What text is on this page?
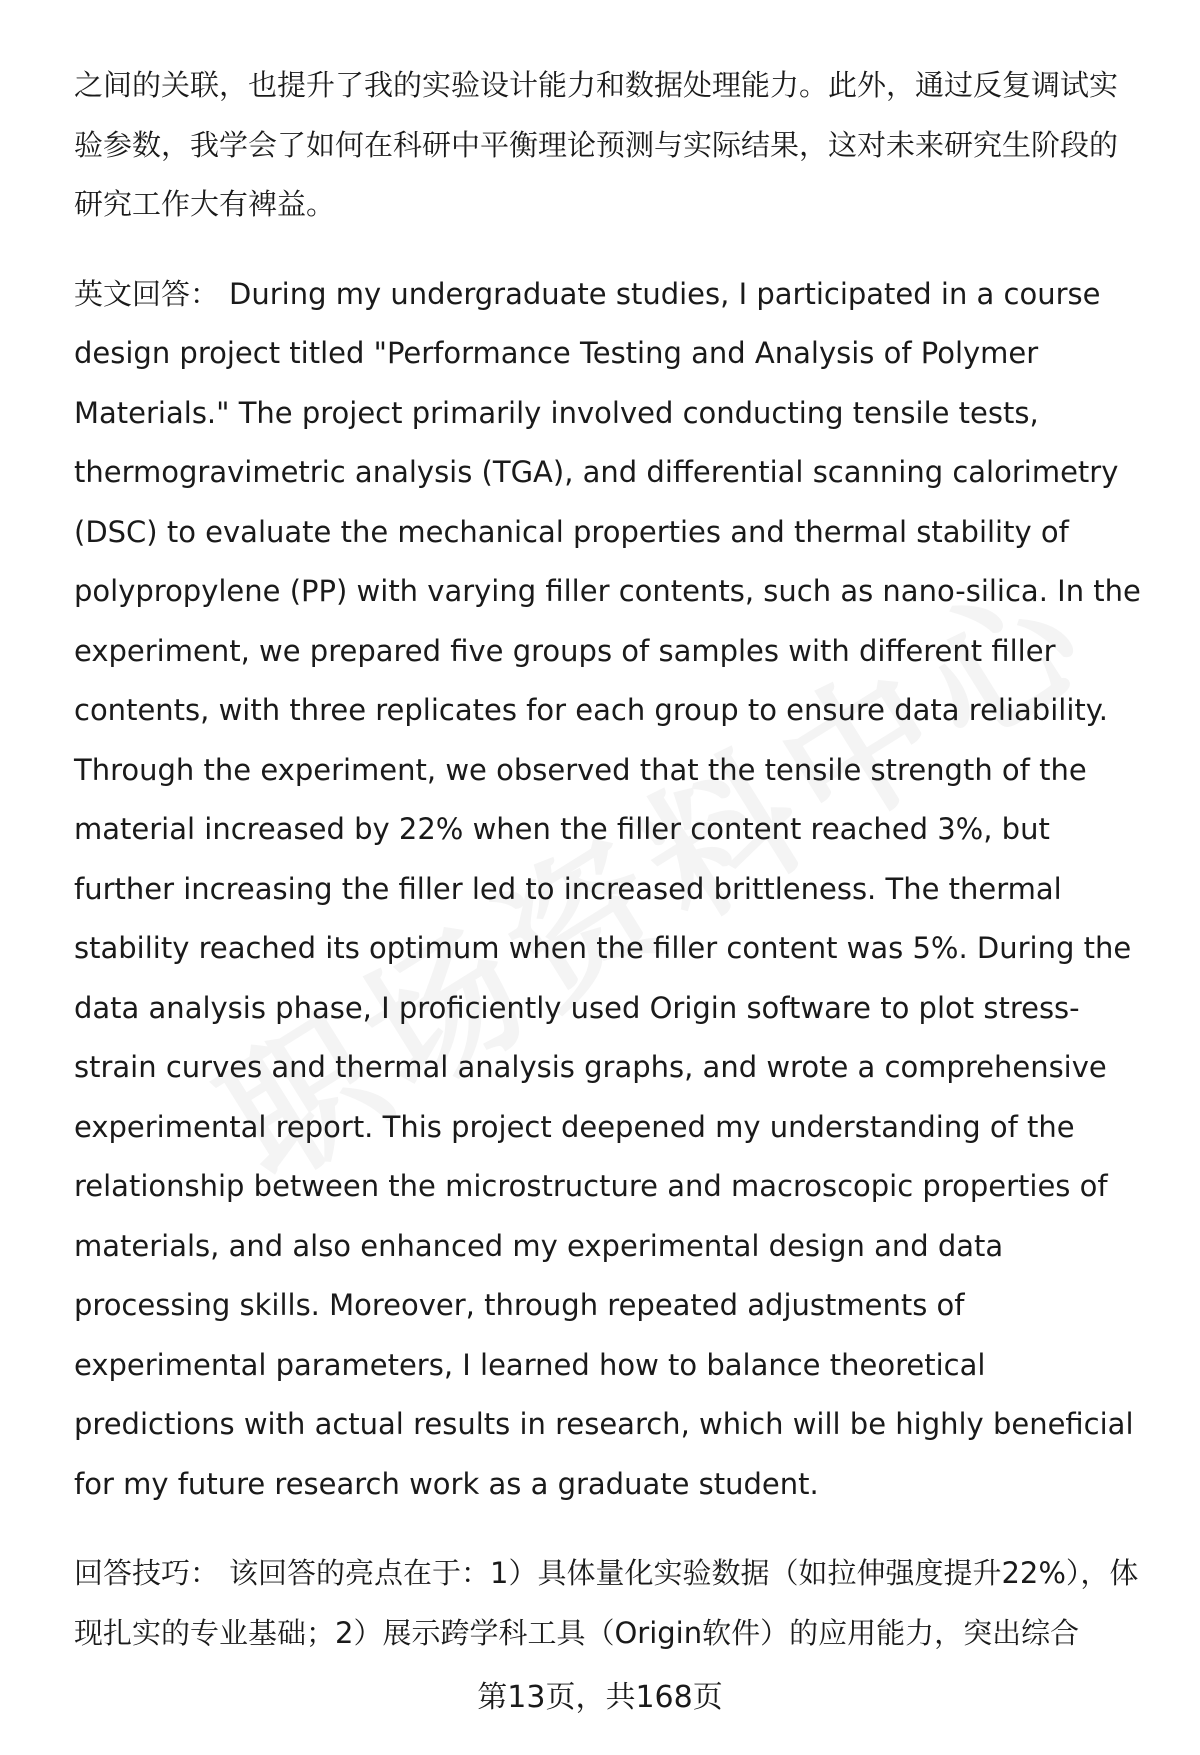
之间的关联，也提升了我的实验设计能力和数据处理能力。此外，通过反复调试实验参数，我学会了如何在科研中平衡理论预测与实际结果，这对未来研究生阶段的研究工作大有裨益。

英文回答： During my undergraduate studies, I participated in a course design project titled "Performance Testing and Analysis of Polymer Materials." The project primarily involved conducting tensile tests, thermogravimetric analysis (TGA), and differential scanning calorimetry (DSC) to evaluate the mechanical properties and thermal stability of polypropylene (PP) with varying filler contents, such as nano-silica. In the experiment, we prepared five groups of samples with different filler contents, with three replicates for each group to ensure data reliability. Through the experiment, we observed that the tensile strength of the material increased by 22% when the filler content reached 3%, but further increasing the filler led to increased brittleness. The thermal stability reached its optimum when the filler content was 5%. During the data analysis phase, I proficiently used Origin software to plot stress-strain curves and thermal analysis graphs, and wrote a comprehensive experimental report. This project deepened my understanding of the relationship between the microstructure and macroscopic properties of materials, and also enhanced my experimental design and data processing skills. Moreover, through repeated adjustments of experimental parameters, I learned how to balance theoretical predictions with actual results in research, which will be highly beneficial for my future research work as a graduate student.

回答技巧： 该回答的亮点在于：1）具体量化实验数据（如拉伸强度提升22%），体现扎实的专业基础；2）展示跨学科工具（Origin软件）的应用能力，突出综合

第13页，共168页
